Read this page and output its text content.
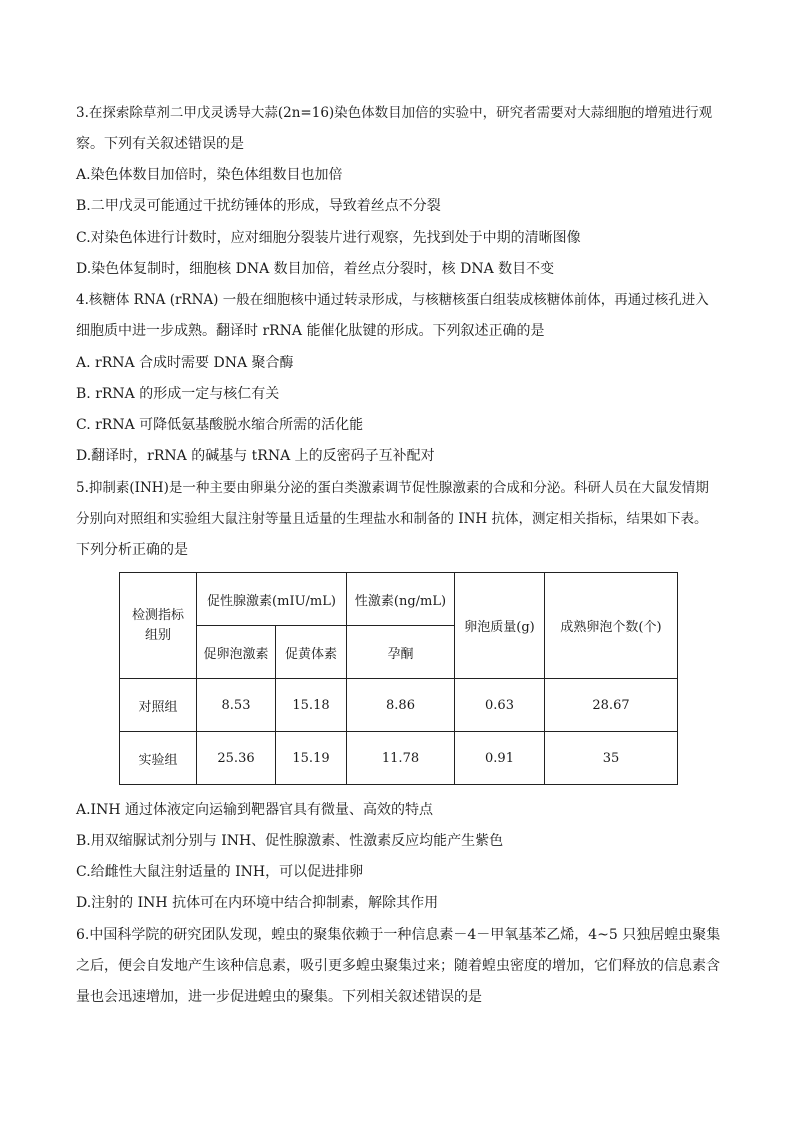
3.在探索除草剂二甲戊灵诱导大蒜(2n=16)染色体数目加倍的实验中，研究者需要对大蒜细胞的增殖进行观
察。下列有关叙述错误的是
A.染色体数目加倍时，染色体组数目也加倍
B.二甲戊灵可能通过干扰纺锤体的形成，导致着丝点不分裂
C.对染色体进行计数时，应对细胞分裂装片进行观察，先找到处于中期的清晰图像
D.染色体复制时，细胞核 DNA 数目加倍，着丝点分裂时，核 DNA 数目不变
4.核糖体 RNA (rRNA) 一般在细胞核中通过转录形成，与核糖核蛋白组装成核糖体前体，再通过核孔进入
细胞质中进一步成熟。翻译时 rRNA 能催化肽键的形成。下列叙述正确的是
A. rRNA 合成时需要 DNA 聚合酶
B. rRNA 的形成一定与核仁有关
C. rRNA 可降低氨基酸脱水缩合所需的活化能
D.翻译时，rRNA 的碱基与 tRNA 上的反密码子互补配对
5.抑制素(INH)是一种主要由卵巢分泌的蛋白类激素调节促性腺激素的合成和分泌。科研人员在大鼠发情期
分别向对照组和实验组大鼠注射等量且适量的生理盐水和制备的 INH 抗体，测定相关指标，结果如下表。
下列分析正确的是
检测指标
组别	促性腺激素(mIU/mL)		性激素(ng/mL)	卵泡质量(g)	成熟卵泡个数(个)
	促卵泡激素	促黄体素	孕酮		
对照组	8.53	15.18	8.86	0.63	28.67
实验组	25.36	15.19	11.78	0.91	35
A.INH 通过体液定向运输到靶器官具有微量、高效的特点
B.用双缩脲试剂分别与 INH、促性腺激素、性激素反应均能产生紫色
C.给雌性大鼠注射适量的 INH，可以促进排卵
D.注射的 INH 抗体可在内环境中结合抑制素，解除其作用
6.中国科学院的研究团队发现，蝗虫的聚集依赖于一种信息素－4－甲氧基苯乙烯，4~5 只独居蝗虫聚集
之后，便会自发地产生该种信息素，吸引更多蝗虫聚集过来；随着蝗虫密度的增加，它们释放的信息素含
量也会迅速增加，进一步促进蝗虫的聚集。下列相关叙述错误的是
